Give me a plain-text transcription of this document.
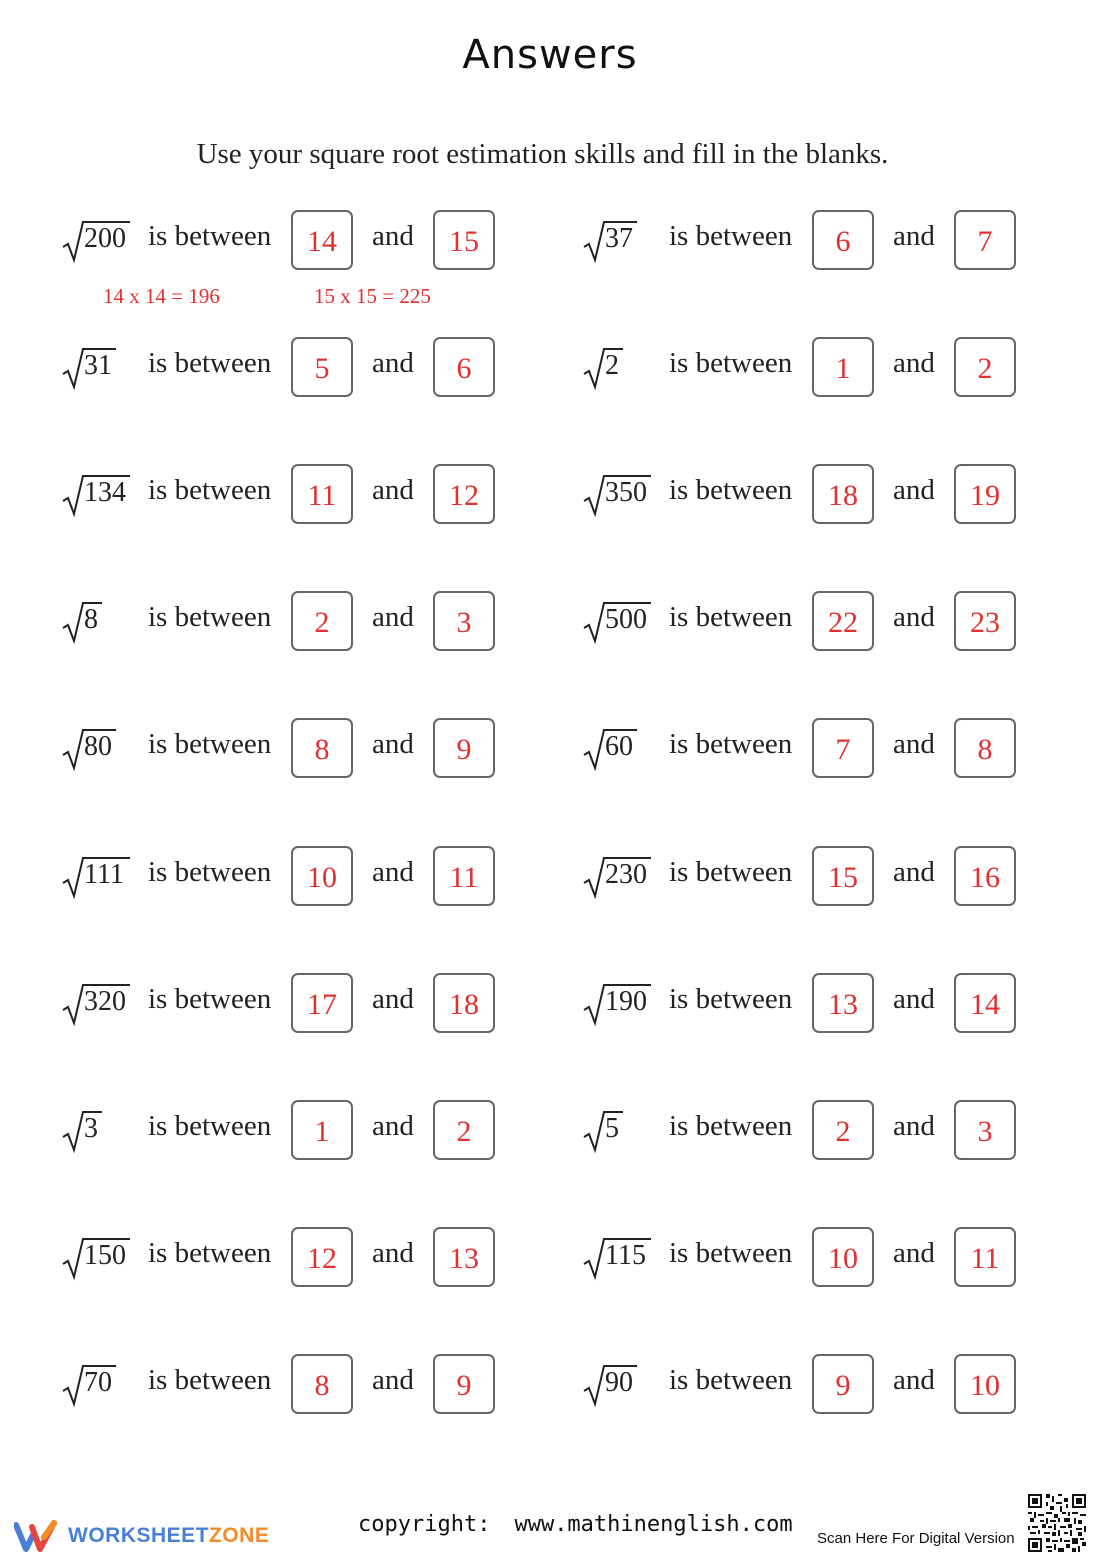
Answers
Use your square root estimation skills and fill in the blanks.
200 is between	14	and	15	37 is between	6	and	7
31 is between	5	and	6	2 is between	1	and	2
134 is between	11	and	12	350 is between	18	and	19
8 is between	2	and	3	500 is between	22	and	23
80 is between	8	and	9	60 is between	7	and	8
111 is between	10	and	11	230 is between	15	and	16
320 is between	17	and	18	190 is between	13	and	14
3 is between	1	and	2	5 is between	2	and	3
150 is between	12	and	13	115 is between	10	and	11
70 is between	8	and	9	90 is between	9	and	10
14 x 14 = 196	15 x 15 = 225
WORKSHEETZONE	copyright: www.mathinenglish.com
Scan Here For Digital Version
